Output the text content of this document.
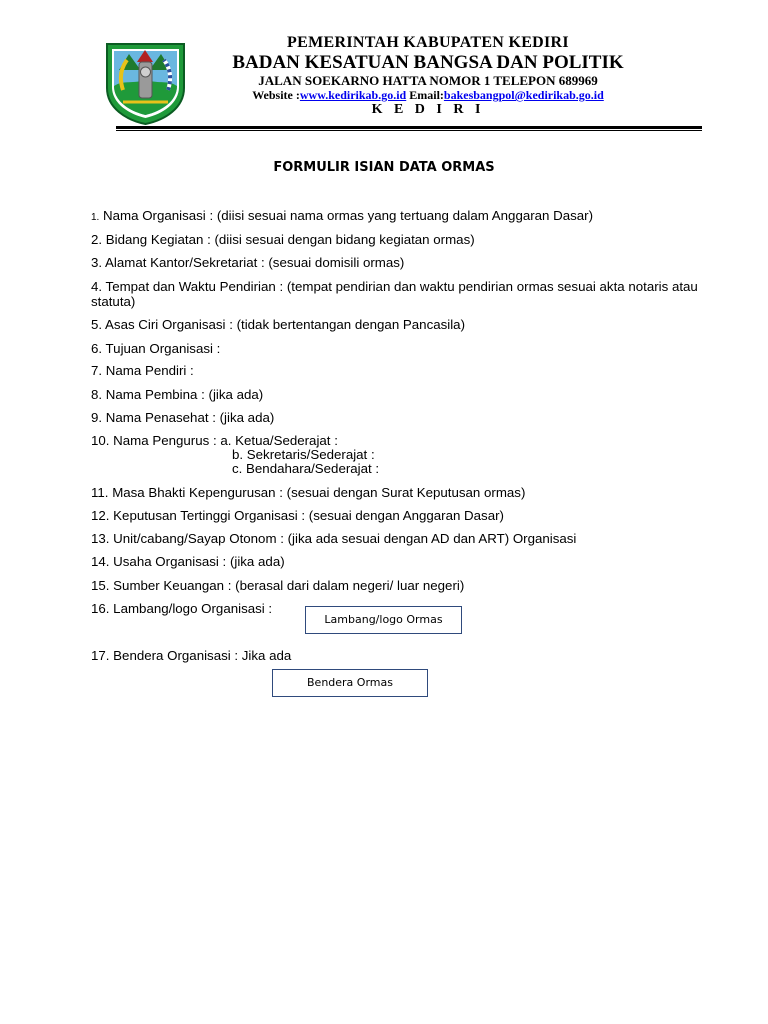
PEMERINTAH KABUPATEN KEDIRI
BADAN KESATUAN BANGSA DAN POLITIK
JALAN SOEKARNO HATTA NOMOR 1 TELEPON 689969
Website :www.kedirikab.go.id Email:bakesbangpol@kedirikab.go.id
K E D I R I
FORMULIR ISIAN DATA ORMAS
1. Nama Organisasi : (diisi sesuai nama ormas yang tertuang dalam Anggaran Dasar)
2. Bidang Kegiatan : (diisi sesuai dengan bidang kegiatan ormas)
3. Alamat Kantor/Sekretariat : (sesuai domisili ormas)
4. Tempat dan Waktu Pendirian : (tempat pendirian dan waktu pendirian ormas sesuai akta notaris atau statuta)
5. Asas Ciri Organisasi : (tidak bertentangan dengan Pancasila)
6. Tujuan Organisasi :
7. Nama Pendiri :
8. Nama Pembina : (jika ada)
9. Nama Penasehat : (jika ada)
10. Nama Pengurus : a. Ketua/Sederajat :
b. Sekretaris/Sederajat :
c. Bendahara/Sederajat :
11. Masa Bhakti Kepengurusan : (sesuai dengan Surat Keputusan ormas)
12. Keputusan Tertinggi Organisasi : (sesuai dengan Anggaran Dasar)
13. Unit/cabang/Sayap Otonom : (jika ada sesuai dengan AD dan ART) Organisasi
14. Usaha Organisasi : (jika ada)
15. Sumber Keuangan : (berasal dari dalam negeri/ luar negeri)
16. Lambang/logo Organisasi :
Lambang/logo Ormas
17. Bendera Organisasi : Jika ada
Bendera Ormas
